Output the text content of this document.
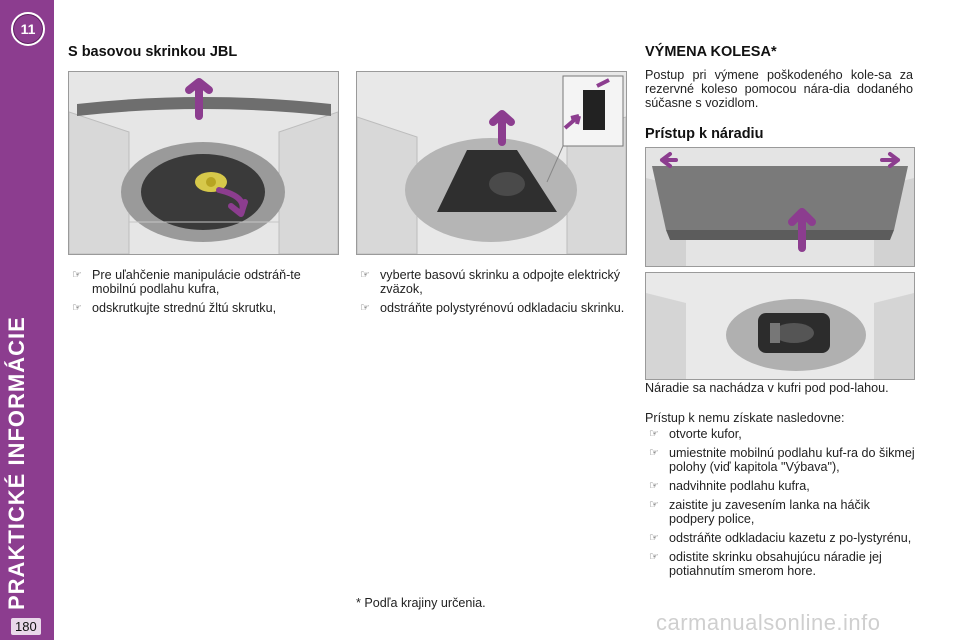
11
PRAKTICKÉ INFORMÁCIE
180
S basovou skrinkou JBL
☞ Pre uľahčenie manipulácie odstráň-te mobilnú podlahu kufra,
☞ odskrutkujte strednú žltú skrutku,
☞ vyberte basovú skrinku a odpojte elektrický zväzok,
☞ odstráňte polystyrénovú odkladaciu skrinku.
* Podľa krajiny určenia.
VÝMENA KOLESA*

Postup pri výmene poškodeného kole-sa za rezervné koleso pomocou nára-dia dodaného súčasne s vozidlom.

Prístup k náradiu

Náradie sa nachádza v kufri pod pod-lahou.

Prístup k nemu získate nasledovne:

☞ otvorte kufor,
☞ umiestnite mobilnú podlahu kuf-ra do šikmej polohy (viď kapitola "Výbava"),
☞ nadvihnite podlahu kufra,
☞ zaistite ju zavesením lanka na háčik podpery police,
☞ odstráňte odkladaciu kazetu z po-lystyrénu,
☞ odistite skrinku obsahujúcu náradie jej potiahnutím smerom hore.
carmanualsonline.info
